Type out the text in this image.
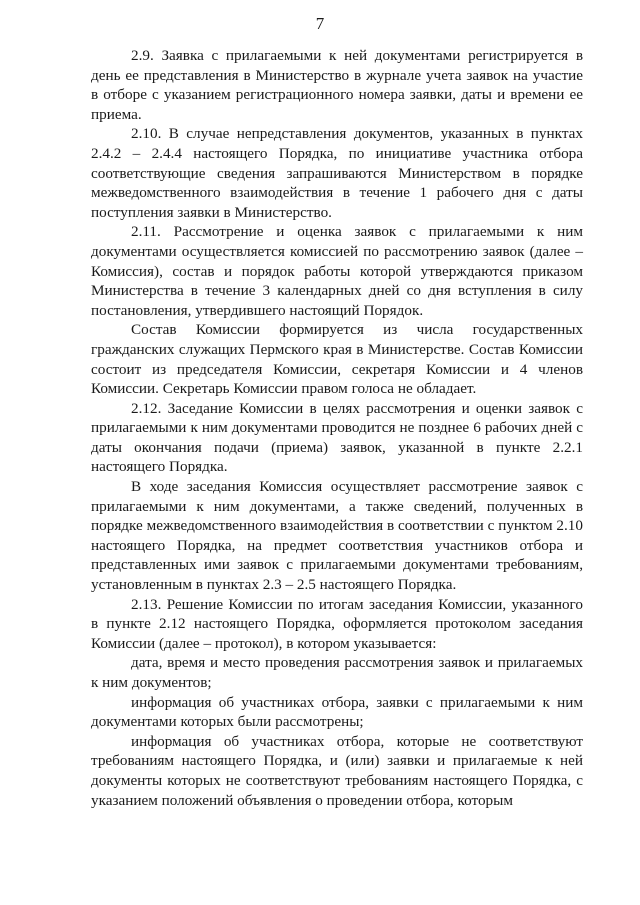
7

2.9. Заявка с прилагаемыми к ней документами регистрируется в день ее представления в Министерство в журнале учета заявок на участие в отборе с указанием регистрационного номера заявки, даты и времени ее приема.

2.10. В случае непредставления документов, указанных в пунктах 2.4.2 – 2.4.4 настоящего Порядка, по инициативе участника отбора соответствующие сведения запрашиваются Министерством в порядке межведомственного взаимодействия в течение 1 рабочего дня с даты поступления заявки в Министерство.

2.11. Рассмотрение и оценка заявок с прилагаемыми к ним документами осуществляется комиссией по рассмотрению заявок (далее – Комиссия), состав и порядок работы которой утверждаются приказом Министерства в течение 3 календарных дней со дня вступления в силу постановления, утвердившего настоящий Порядок.

Состав Комиссии формируется из числа государственных гражданских служащих Пермского края в Министерстве. Состав Комиссии состоит из председателя Комиссии, секретаря Комиссии и 4 членов Комиссии. Секретарь Комиссии правом голоса не обладает.

2.12. Заседание Комиссии в целях рассмотрения и оценки заявок с прилагаемыми к ним документами проводится не позднее 6 рабочих дней с даты окончания подачи (приема) заявок, указанной в пункте 2.2.1 настоящего Порядка.

В ходе заседания Комиссия осуществляет рассмотрение заявок с прилагаемыми к ним документами, а также сведений, полученных в порядке межведомственного взаимодействия в соответствии с пунктом 2.10 настоящего Порядка, на предмет соответствия участников отбора и представленных ими заявок с прилагаемыми документами требованиям, установленным в пунктах 2.3 – 2.5 настоящего Порядка.

2.13. Решение Комиссии по итогам заседания Комиссии, указанного в пункте 2.12 настоящего Порядка, оформляется протоколом заседания Комиссии (далее – протокол), в котором указывается:

дата, время и место проведения рассмотрения заявок и прилагаемых к ним документов;

информация об участниках отбора, заявки с прилагаемыми к ним документами которых были рассмотрены;

информация об участниках отбора, которые не соответствуют требованиям настоящего Порядка, и (или) заявки и прилагаемые к ней документы которых не соответствуют требованиям настоящего Порядка, с указанием положений объявления о проведении отбора, которым
